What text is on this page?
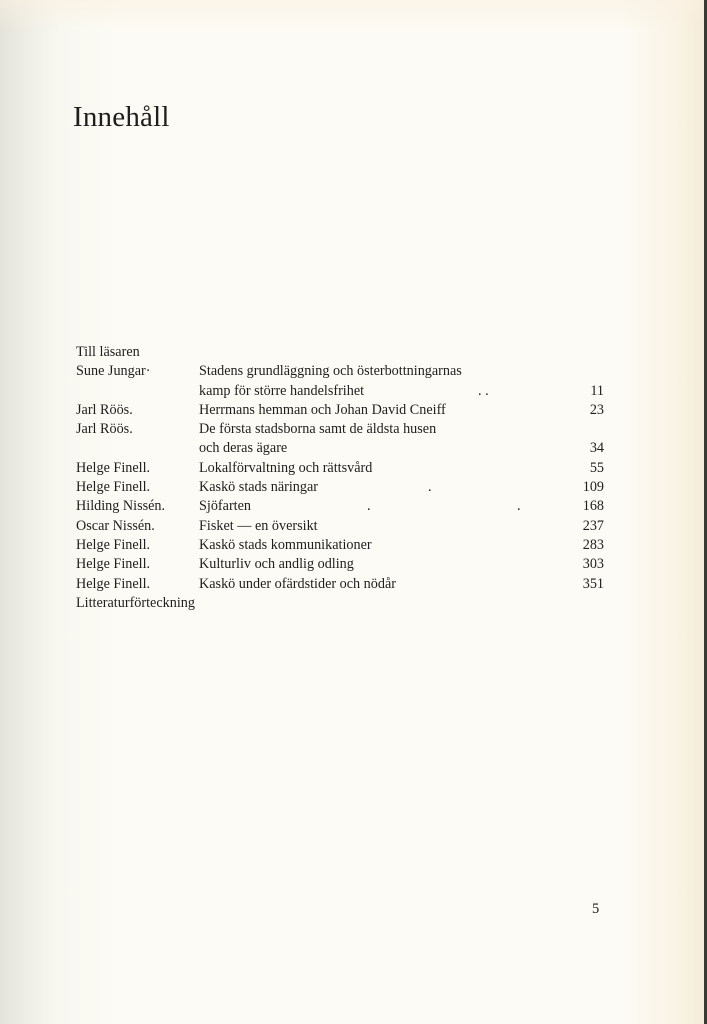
Innehåll
Till läsaren
Sune Jungar·	Stadens grundläggning och österbottningarnas
kamp för större handelsfrihet	. .	11
Jarl Röös.	Herrmans hemman och Johan David Cneiff	23
Jarl Röös.	De första stadsborna samt de äldsta husen
och deras ägare	34
Helge Finell.	Lokalförvaltning och rättsvård	55
Helge Finell.	Kaskö stads näringar	.	109
Hilding Nissén. Sjöfarten	.	.	168
Oscar Nissén.	Fisket — en översikt	237
Helge Finell.	Kaskö stads kommunikationer	283
Helge Finell.	Kulturliv och andlig odling	303
Helge Finell.	Kaskö under ofärdstider och nödår	351
Litteraturförteckning
5
